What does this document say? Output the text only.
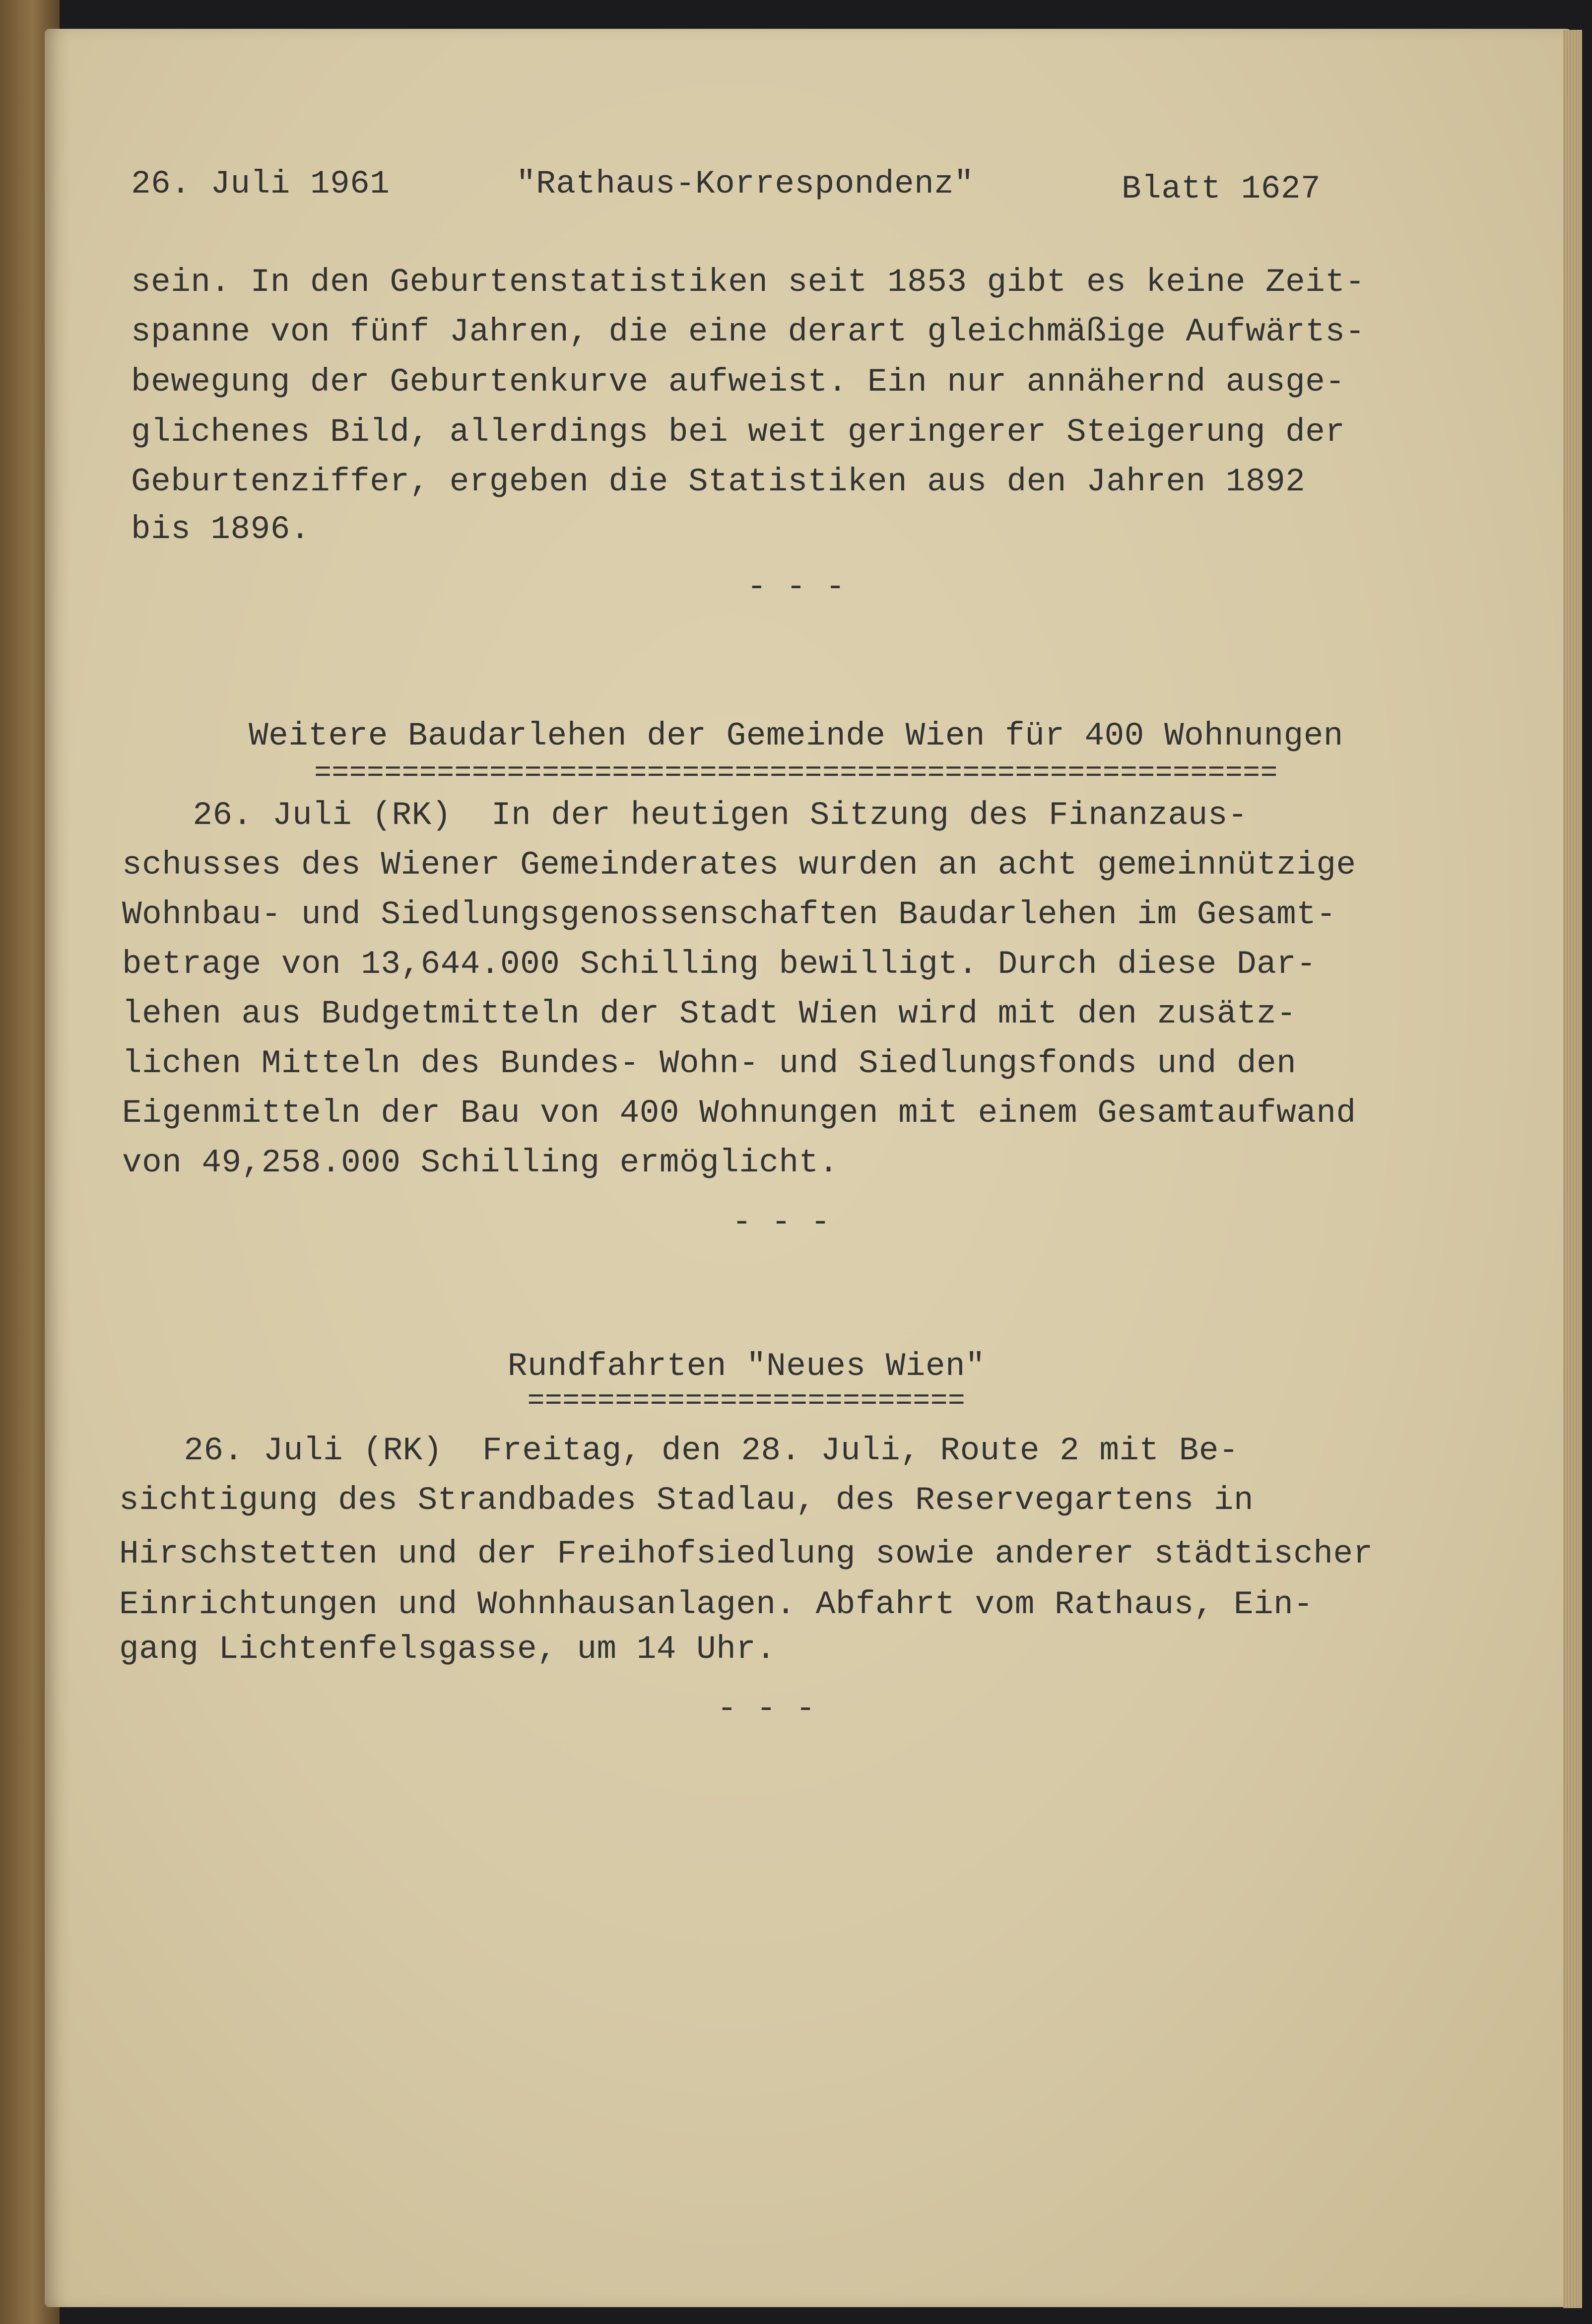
26. Juli 1961	"Rathaus-Korrespondenz"	Blatt 1627

sein. In den Geburtenstatistiken seit 1853 gibt es keine Zeit-

spanne von fünf Jahren, die eine derart gleichmäßige Aufwärts-

bewegung der Geburtenkurve aufweist. Ein nur annähernd ausge-

glichenes Bild, allerdings bei weit geringerer Steigerung der

Geburtenziffer, ergeben die Statistiken aus den Jahren 1892

bis 1896.

- - -

Weitere Baudarlehen der Gemeinde Wien für 400 Wohnungen

=======================================================

26. Juli (RK)  In der heutigen Sitzung des Finanzaus-

schusses des Wiener Gemeinderates wurden an acht gemeinnützige

Wohnbau- und Siedlungsgenossenschaften Baudarlehen im Gesamt-

betrage von 13,644.000 Schilling bewilligt. Durch diese Dar-

lehen aus Budgetmitteln der Stadt Wien wird mit den zusätz-

lichen Mitteln des Bundes- Wohn- und Siedlungsfonds und den

Eigenmitteln der Bau von 400 Wohnungen mit einem Gesamtaufwand

von 49,258.000 Schilling ermöglicht.

- - -

Rundfahrten "Neues Wien"

=========================

26. Juli (RK)  Freitag, den 28. Juli, Route 2 mit Be-

sichtigung des Strandbades Stadlau, des Reservegartens in

Hirschstetten und der Freihofsiedlung sowie anderer städtischer

Einrichtungen und Wohnhausanlagen. Abfahrt vom Rathaus, Ein-

gang Lichtenfelsgasse, um 14 Uhr.

- - -
